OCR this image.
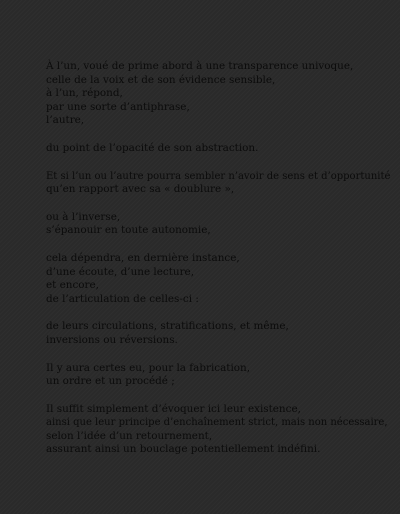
À l’un, voué de prime abord à une transparence univoque,
celle de la voix et de son évidence sensible,
à l’un, répond,
par une sorte d’antiphrase,
l’autre,
du point de l’opacité de son abstraction.
Et si l’un ou l’autre pourra sembler n’avoir de sens et d’opportunité
qu’en rapport avec sa « doublure »,
ou à l’inverse,
s’épanouir en toute autonomie,
cela dépendra, en dernière instance,
d’une écoute, d’une lecture,
et encore,
de l’articulation de celles-ci :
de leurs circulations, stratifications, et même,
inversions ou réversions.
Il y aura certes eu, pour la fabrication,
un ordre et un procédé ;
Il suffit simplement d’évoquer ici leur existence,
ainsi que leur principe d’enchaînement strict, mais non nécessaire,
selon l’idée d’un retournement,
assurant ainsi un bouclage potentiellement indéfini.
